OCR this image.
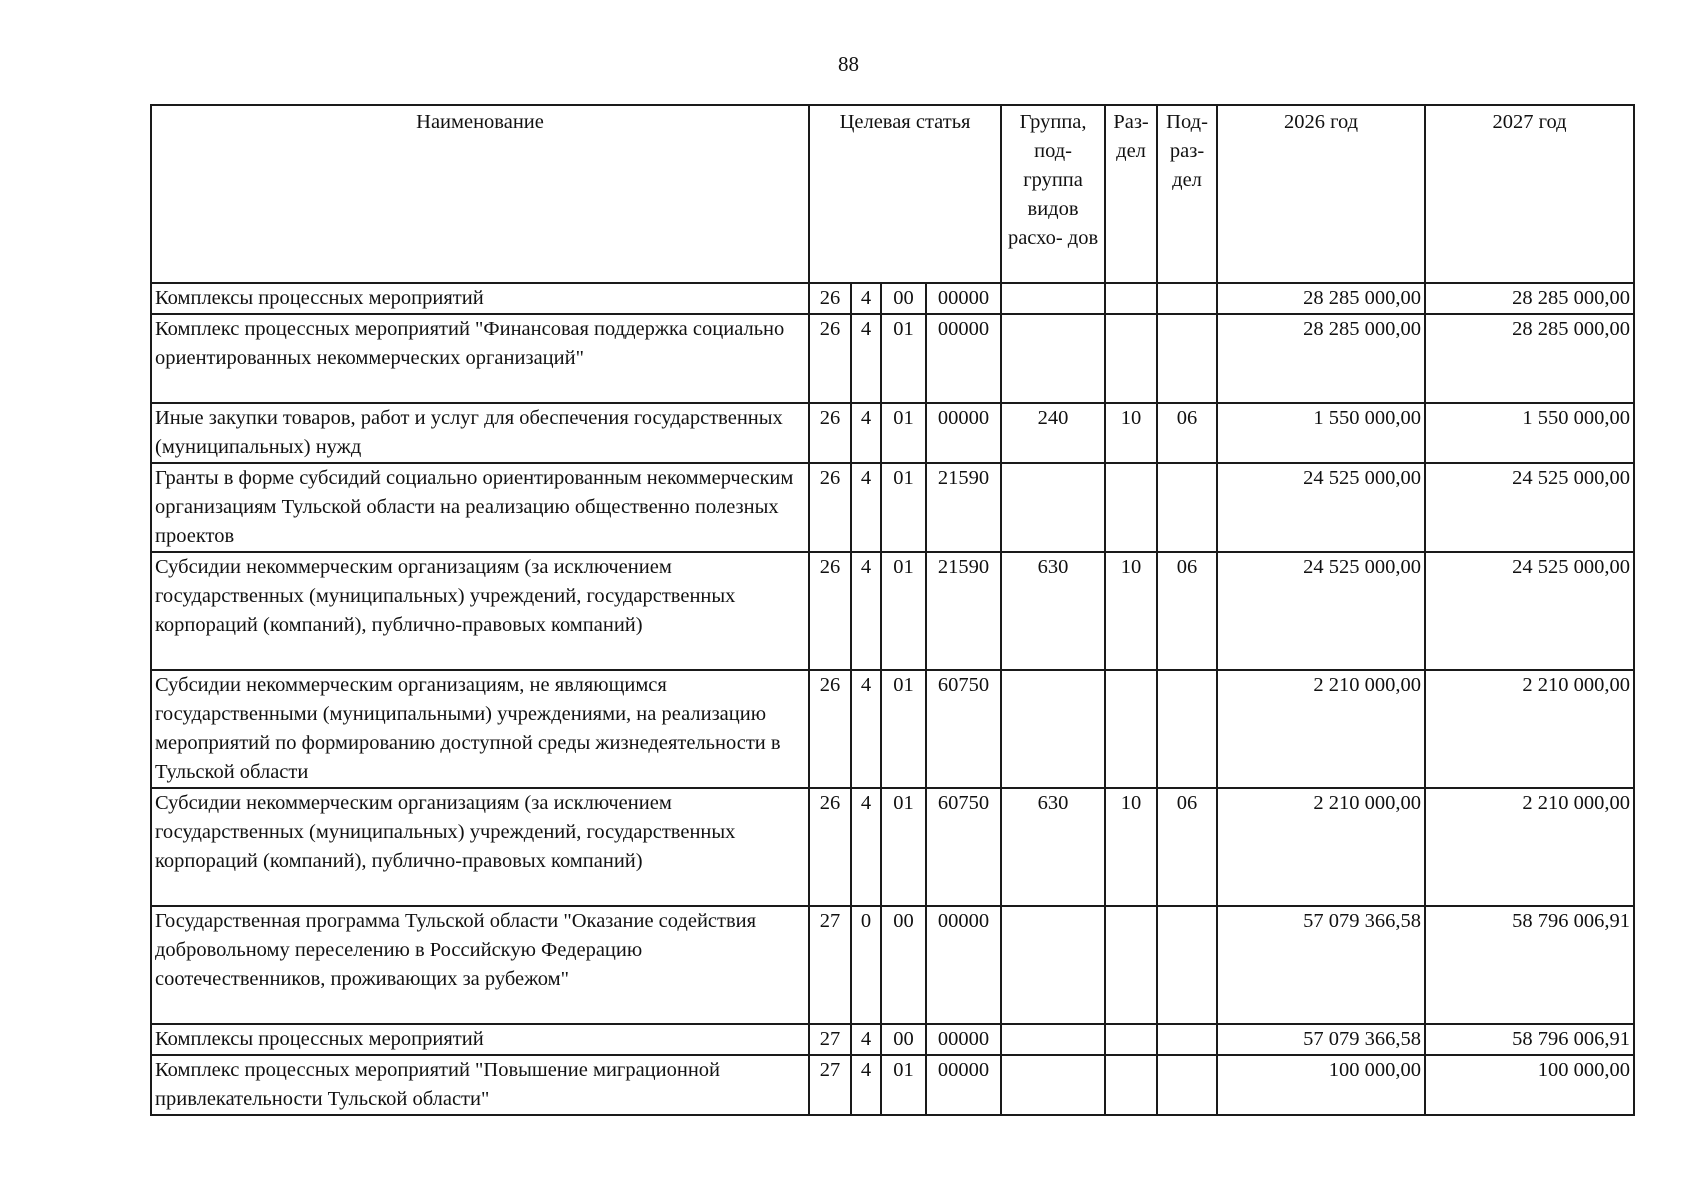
88
Наименование	Целевая статья				Группа, под- группа видов расхо- дов	Раз- дел	Под- раз- дел	2026 год	2027 год
Комплексы процессных мероприятий	26	4	00	00000				28 285 000,00	28 285 000,00
Комплекс процессных мероприятий "Финансовая поддержка социально ориентированных некоммерческих организаций"	26	4	01	00000				28 285 000,00	28 285 000,00
Иные закупки товаров, работ и услуг для обеспечения государственных (муниципальных) нужд	26	4	01	00000	240	10	06	1 550 000,00	1 550 000,00
Гранты в форме субсидий социально ориентированным некоммерческим организациям Тульской области на реализацию общественно полезных проектов	26	4	01	21590				24 525 000,00	24 525 000,00
Субсидии некоммерческим организациям (за исключением государственных (муниципальных) учреждений, государственных корпораций (компаний), публично-правовых компаний)	26	4	01	21590	630	10	06	24 525 000,00	24 525 000,00
Субсидии некоммерческим организациям, не являющимся государственными (муниципальными) учреждениями, на реализацию мероприятий по формированию доступной среды жизнедеятельности в Тульской области	26	4	01	60750				2 210 000,00	2 210 000,00
Субсидии некоммерческим организациям (за исключением государственных (муниципальных) учреждений, государственных корпораций (компаний), публично-правовых компаний)	26	4	01	60750	630	10	06	2 210 000,00	2 210 000,00
Государственная программа Тульской области "Оказание содействия добровольному переселению в Российскую Федерацию соотечественников, проживающих за рубежом"	27	0	00	00000				57 079 366,58	58 796 006,91
Комплексы процессных мероприятий	27	4	00	00000				57 079 366,58	58 796 006,91
Комплекс процессных мероприятий "Повышение миграционной привлекательности Тульской области"	27	4	01	00000				100 000,00	100 000,00
